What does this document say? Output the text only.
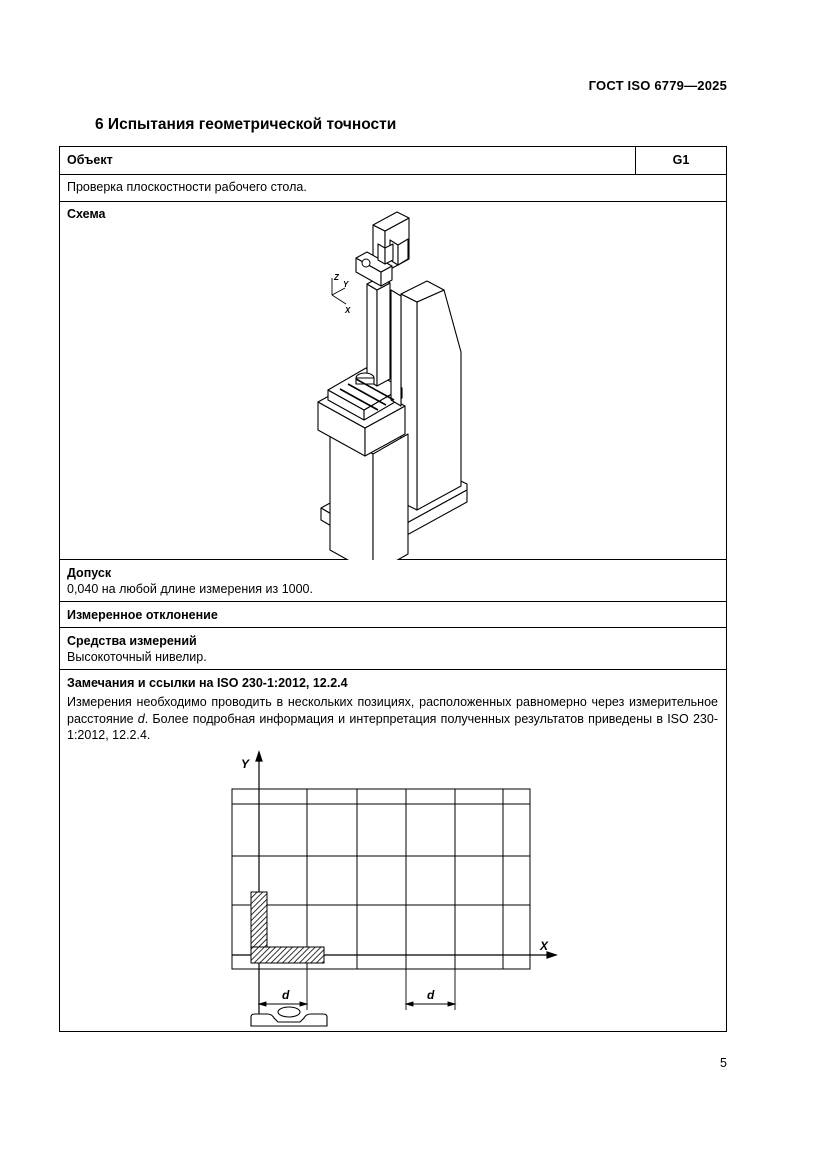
ГОСТ ISO 6779—2025
6 Испытания геометрической точности
Объект	G1
Проверка плоскостности рабочего стола.
Схема
Z
Y
X
Допуск
0,040 на любой длине измерения из 1000.
Измеренное отклонение
Средства измерений
Высокоточный нивелир.
Замечания и ссылки на ISO 230-1:2012, 12.2.4
Измерения необходимо проводить в нескольких позициях, расположенных равномерно через измерительное расстояние d. Более подробная информация и интерпретация полученных результатов приведены в ISO 230-1:2012, 12.2.4.
Y
X
d	d
5
